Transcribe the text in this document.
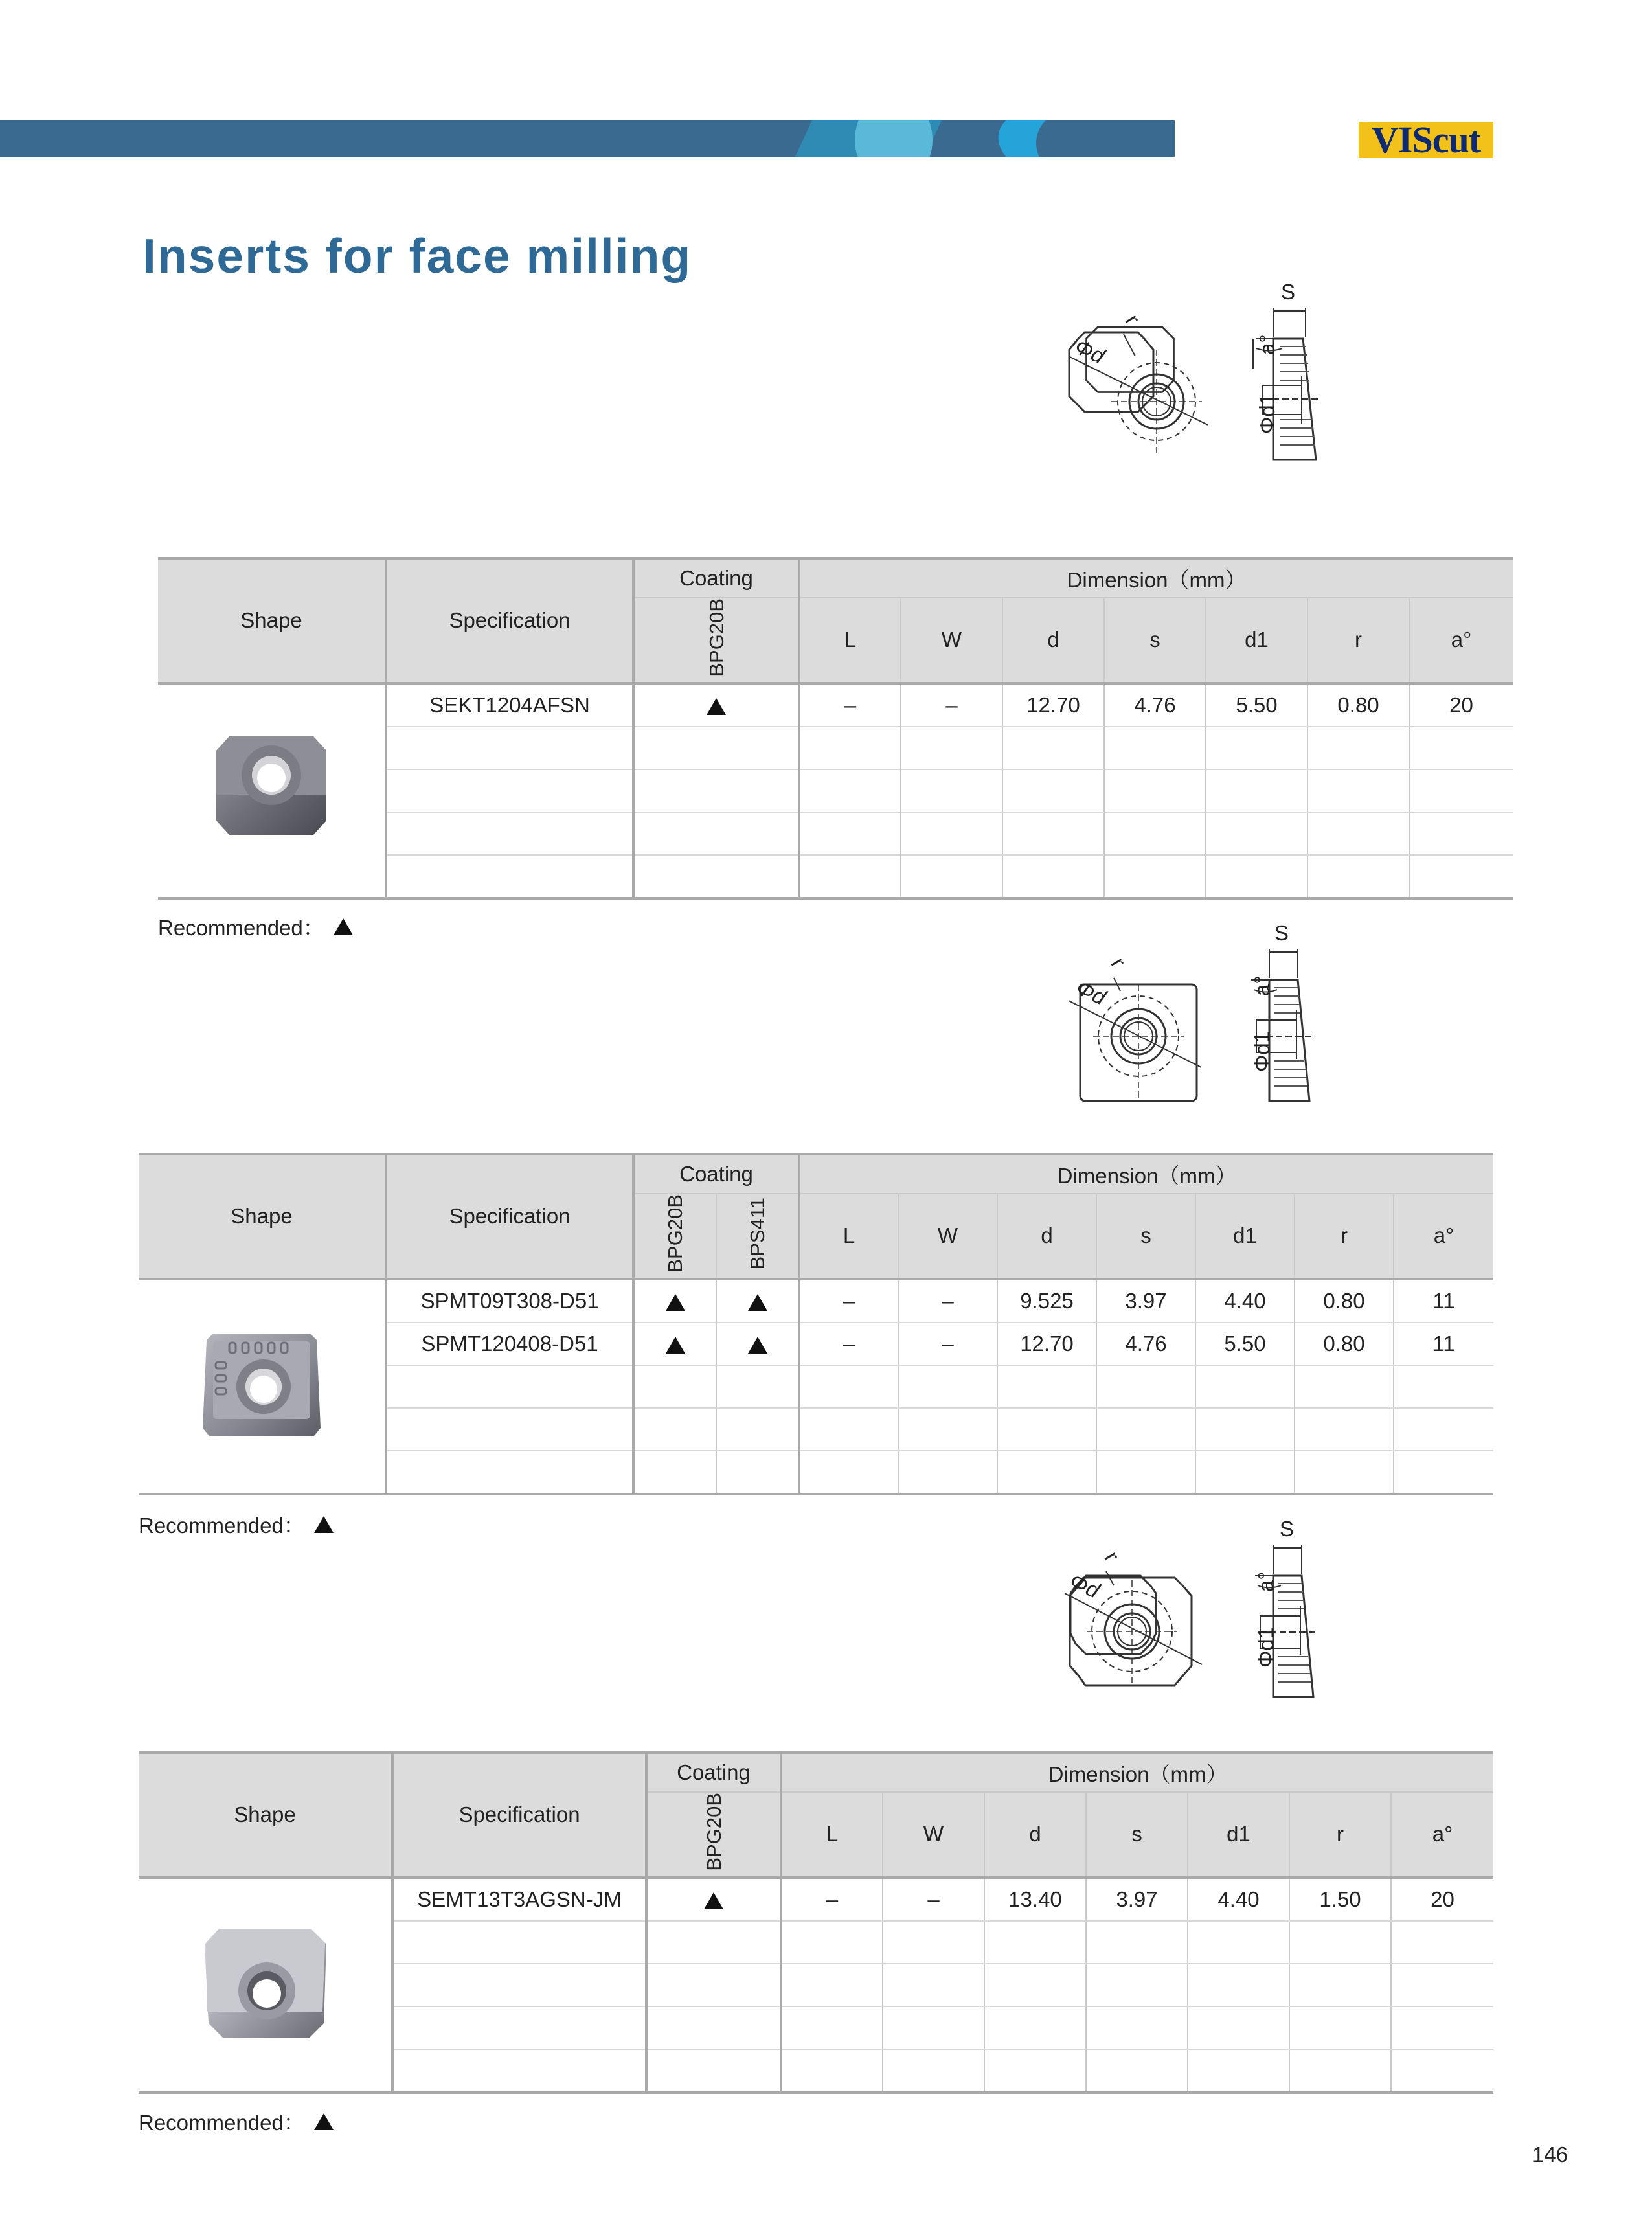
VIScut
Inserts for face milling
Φd
r
S
a°
Φd1
Shape	Specification	Coating	Dimension（mm）						
		BPG20B	L	W	d	s	d1	r	a°
	SEKT1204AFSN		–	–	12.70	4.76	5.50	0.80	20

Recommended：
Φd
r
S
a°
Φd1
Shape	Specification	Coating		Dimension（mm）						
		BPG20B	BPS411	L	W	d	s	d1	r	a°
	SPMT09T308-D51			–	–	9.525	3.97	4.40	0.80	11
	SPMT120408-D51			–	–	12.70	4.76	5.50	0.80	11

Recommended：
Φd
r
S
a°
Φd1
Shape	Specification	Coating	Dimension（mm）						
		BPG20B	L	W	d	s	d1	r	a°
	SEMT13T3AGSN-JM		–	–	13.40	3.97	4.40	1.50	20

Recommended：
146
